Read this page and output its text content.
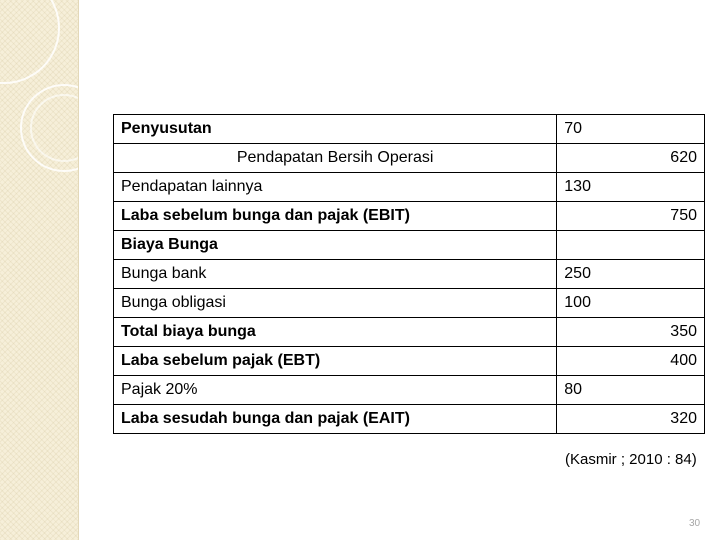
Penyusutan	70
Pendapatan Bersih Operasi	620
Pendapatan lainnya	130
Laba sebelum bunga dan pajak (EBIT)	750
Biaya Bunga	
Bunga bank	250
Bunga obligasi	100
Total biaya bunga	350
Laba sebelum pajak (EBT)	400
Pajak 20%	80
Laba sesudah bunga dan pajak (EAIT)	320
(Kasmir ; 2010 : 84)
30
